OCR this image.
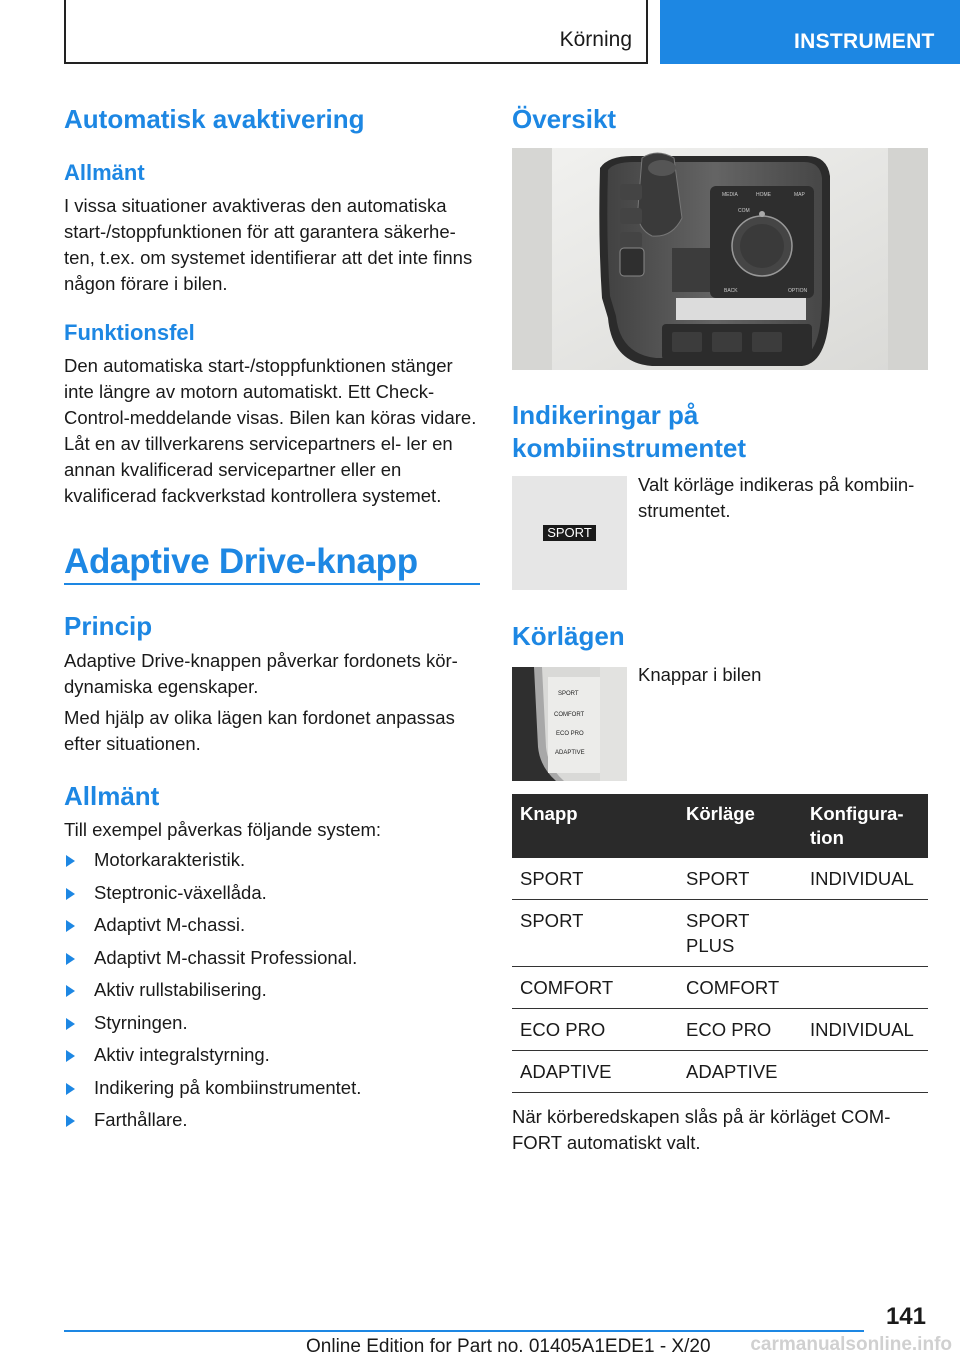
Körning	INSTRUMENT
Automatisk avaktivering
Allmänt

I vissa situationer avaktiveras den automatiska start-/stoppfunktionen för att garantera säkerhe- ten, t.ex. om systemet identifierar att det inte finns någon förare i bilen.

Funktionsfel

Den automatiska start-/stoppfunktionen stänger inte längre av motorn automatiskt. Ett Check- Control-meddelande visas. Bilen kan köras vidare. Låt en av tillverkarens servicepartners el- ler en annan kvalificerad servicepartner eller en kvalificerad fackverkstad kontrollera systemet.

Adaptive Drive-knapp
Princip

Adaptive Drive-knappen påverkar fordonets kör- dynamiska egenskaper.

Med hjälp av olika lägen kan fordonet anpassas efter situationen.

Allmänt

Till exempel påverkas följande system:

Motorkarakteristik.
Steptronic-växellåda.
Adaptivt M-chassi.
Adaptivt M-chassit Professional.
Aktiv rullstabilisering.
Styrningen.
Aktiv integralstyrning.
Indikering på kombiinstrumentet.
Farthållare.
Översikt
HOME	MAP
COM
MEDIA
BACK	OPTION
Indikeringar på kombiinstrumentet
SPORT

Valt körläge indikeras på kombiin- strumentet.

Körlägen
SPORT
COMFORT
ECO PRO
ADAPTIVE

Knappar i bilen

Knapp	Körläge	Konfigura- tion
SPORT	SPORT	INDIVIDUAL
SPORT	SPORT PLUS	
COMFORT	COMFORT	
ECO PRO	ECO PRO	INDIVIDUAL
ADAPTIVE	ADAPTIVE	

När körberedskapen slås på är körläget COM- FORT automatiskt valt.

141
Online Edition for Part no. 01405A1EDE1 - X/20 carmanualsonline.info
